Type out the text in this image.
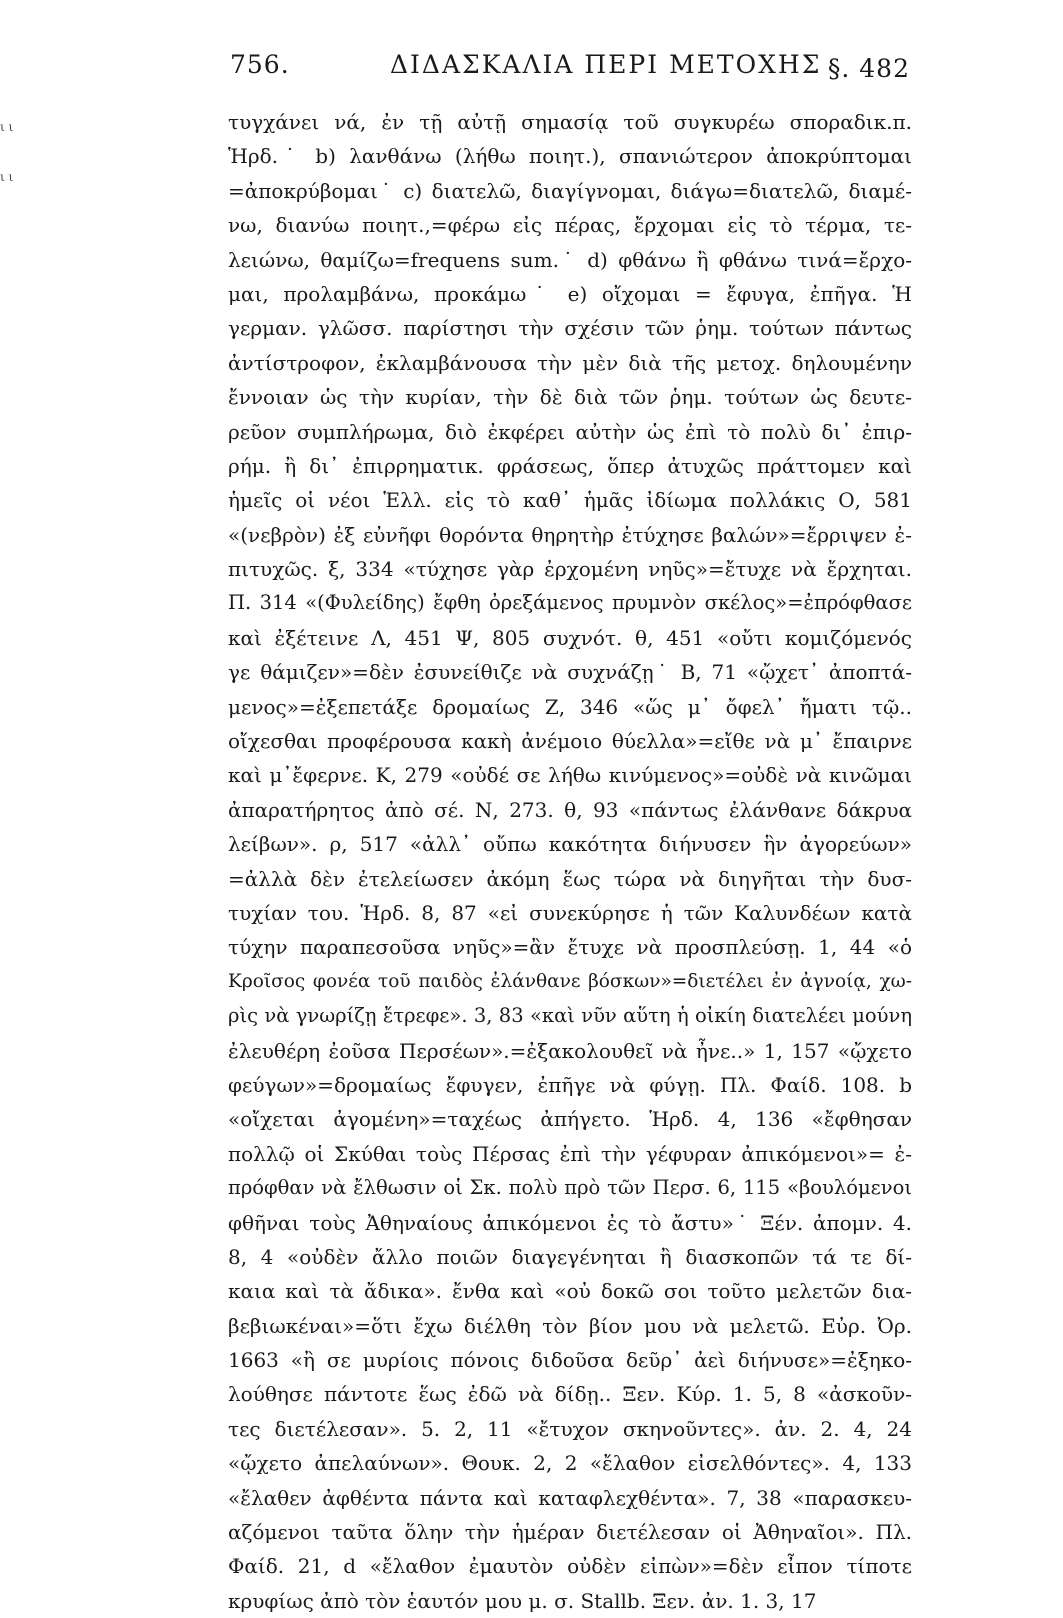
ι ι
ι ι
756.	ΔΙΔΑΣΚΑΛΙΑ ΠΕΡΙ ΜΕΤΟΧΗΣ §. 482
τυγχάνει νά, ἐν τῇ αὐτῇ σημασίᾳ τοῦ συγκυρέω σποραδικ.π.
Ἡρδ.˙ b) λανθάνω (λήθω ποιητ.), σπανιώτερον ἀποκρύπτομαι
=ἀποκρύβομαι˙ c) διατελῶ, διαγίγνομαι, διάγω=διατελῶ, διαμέ-
νω, διανύω ποιητ.,=φέρω εἰς πέρας, ἔρχομαι εἰς τὸ τέρμα, τε-
λειώνω, θαμίζω=frequens sum.˙ d) φθάνω ἢ φθάνω τινά=ἔρχο-
μαι, προλαμβάνω, προκάμω˙ e) οἴχομαι = ἔφυγα, ἐπῆγα. Ἡ
γερμαν. γλῶσσ. παρίστησι τὴν σχέσιν τῶν ῥημ. τούτων πάντως
ἀντίστροφον, ἐκλαμβάνουσα τὴν μὲν διὰ τῆς μετοχ. δηλουμένην
ἔννοιαν ὡς τὴν κυρίαν, τὴν δὲ διὰ τῶν ῥημ. τούτων ὡς δευτε-
ρεῦον συμπλήρωμα, διὸ ἐκφέρει αὐτὴν ὡς ἐπὶ τὸ πολὺ δι᾽ ἐπιρ-
ρήμ. ἢ δι᾽ ἐπιρρηματικ. φράσεως, ὅπερ ἀτυχῶς πράττομεν καὶ
ἡμεῖς οἱ νέοι Ἑλλ. εἰς τὸ καθ᾽ ἡμᾶς ἰδίωμα πολλάκις Ο, 581
«(νεβρὸν) ἐξ εὐνῆφι θορόντα θηρητὴρ ἐτύχησε βαλών»=ἔρριψεν ἐ-
πιτυχῶς. ξ, 334 «τύχησε γὰρ ἐρχομένη νηῦς»=ἔτυχε νὰ ἔρχηται.
Π. 314 «(Φυλείδης) ἔφθη ὀρεξάμενος πρυμνὸν σκέλος»=ἐπρόφθασε
καὶ ἐξέτεινε Λ, 451 Ψ, 805 συχνότ. θ, 451 «οὔτι κομιζόμενός
γε θάμιζεν»=δὲν ἐσυνείθιζε νὰ συχνάζῃ˙ Β, 71 «ᾤχετ᾽ ἀποπτά-
μενος»=ἐξεπετάξε δρομαίως Ζ, 346 «ὥς μ᾽ ὄφελ᾽ ἤματι τῷ..
οἴχεσθαι προφέρουσα κακὴ ἀνέμοιο θύελλα»=εἴθε νὰ μ᾽ ἔπαιρνε
καὶ μ᾽ἔφερνε. Κ, 279 «οὐδέ σε λήθω κινύμενος»=οὐδὲ νὰ κινῶμαι
ἀπαρατήρητος ἀπὸ σέ. Ν, 273. θ, 93 «πάντως ἐλάνθανε δάκρυα
λείβων». ρ, 517 «ἀλλ᾽ οὔπω κακότητα διήνυσεν ἣν ἀγορεύων»
=ἀλλὰ δὲν ἐτελείωσεν ἀκόμη ἕως τώρα νὰ διηγῆται τὴν δυσ-
τυχίαν του. Ἡρδ. 8, 87 «εἰ συνεκύρησε ἡ τῶν Καλυνδέων κατὰ
τύχην παραπεσοῦσα νηῦς»=ἂν ἔτυχε νὰ προσπλεύσῃ. 1, 44 «ὁ
Κροῖσος φονέα τοῦ παιδὸς ἐλάνθανε βόσκων»=διετέλει ἐν ἀγνοίᾳ, χω-
ρὶς νὰ γνωρίζῃ ἔτρεφε». 3, 83 «καὶ νῦν αὕτη ἡ οἰκίη διατελέει μούνη
ἐλευθέρη ἐοῦσα Περσέων».=ἐξακολουθεῖ νὰ ἦνε..» 1, 157 «ᾤχετο
φεύγων»=δρομαίως ἔφυγεν, ἐπῆγε νὰ φύγῃ. Πλ. Φαίδ. 108. b
«οἴχεται ἀγομένη»=ταχέως ἀπήγετο. Ἡρδ. 4, 136 «ἔφθησαν
πολλῷ οἱ Σκύθαι τοὺς Πέρσας ἐπὶ τὴν γέφυραν ἀπικόμενοι»= ἐ-
πρόφθαν νὰ ἔλθωσιν οἱ Σκ. πολὺ πρὸ τῶν Περσ. 6, 115 «βουλόμενοι
φθῆναι τοὺς Ἀθηναίους ἀπικόμενοι ἐς τὸ ἄστυ»˙ Ξέν. ἀπομν. 4.
8, 4 «οὐδὲν ἄλλο ποιῶν διαγεγένηται ἢ διασκοπῶν τά τε δί-
καια καὶ τὰ ἄδικα». ἔνθα καὶ «οὐ δοκῶ σοι τοῦτο μελετῶν δια-
βεβιωκέναι»=ὅτι ἔχω διέλθη τὸν βίον μου νὰ μελετῶ. Εὐρ. Ὀρ.
1663 «ἢ σε μυρίοις πόνοις διδοῦσα δεῦρ᾽ ἀεὶ διήνυσε»=ἐξηκο-
λούθησε πάντοτε ἕως ἐδῶ νὰ δίδῃ.. Ξεν. Κύρ. 1. 5, 8 «ἀσκοῦν-
τες διετέλεσαν». 5. 2, 11 «ἔτυχον σκηνοῦντες». ἀν. 2. 4, 24
«ᾤχετο ἀπελαύνων». Θουκ. 2, 2 «ἔλαθον εἰσελθόντες». 4, 133
«ἔλαθεν ἀφθέντα πάντα καὶ καταφλεχθέντα». 7, 38 «παρασκευ-
αζόμενοι ταῦτα ὅλην τὴν ἡμέραν διετέλεσαν οἱ Ἀθηναῖοι». Πλ.
Φαίδ. 21, d «ἔλαθον ἐμαυτὸν οὐδὲν εἰπὼν»=δὲν εἶπον τίποτε
κρυφίως ἀπὸ τὸν ἑαυτόν μου μ. σ. Stallb. Ξεν. ἀν. 1. 3, 17
